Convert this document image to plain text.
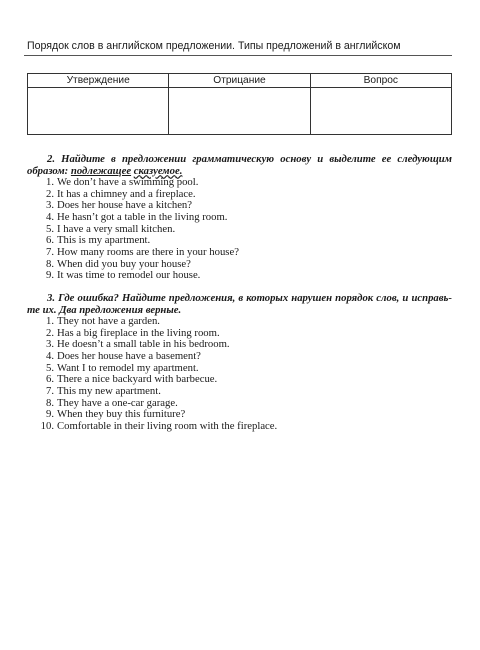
Порядок слов в английском предложении. Типы предложений в английском
Утверждение	Отрицание	Вопрос

2. Найдите в предложении грамматическую основу и выделите ее следующим образом: подлежащее сказуемое.
1. We don’t have a swimming pool.
2. It has a chimney and a fireplace.
3. Does her house have a kitchen?
4. He hasn’t got a table in the living room.
5. I have a very small kitchen.
6. This is my apartment.
7. How many rooms are there in your house?
8. When did you buy your house?
9. It was time to remodel our house.
3. Где ошибка? Найдите предложения, в которых нарушен порядок слов, и исправь-те их. Два предложения верные.
1. They not have a garden.
2. Has a big fireplace in the living room.
3. He doesn’t a small table in his bedroom.
4. Does her house have a basement?
5. Want I to remodel my apartment.
6. There a nice backyard with barbecue.
7. This my new apartment.
8. They have a one-car garage.
9. When they buy this furniture?
10. Comfortable in their living room with the fireplace.
